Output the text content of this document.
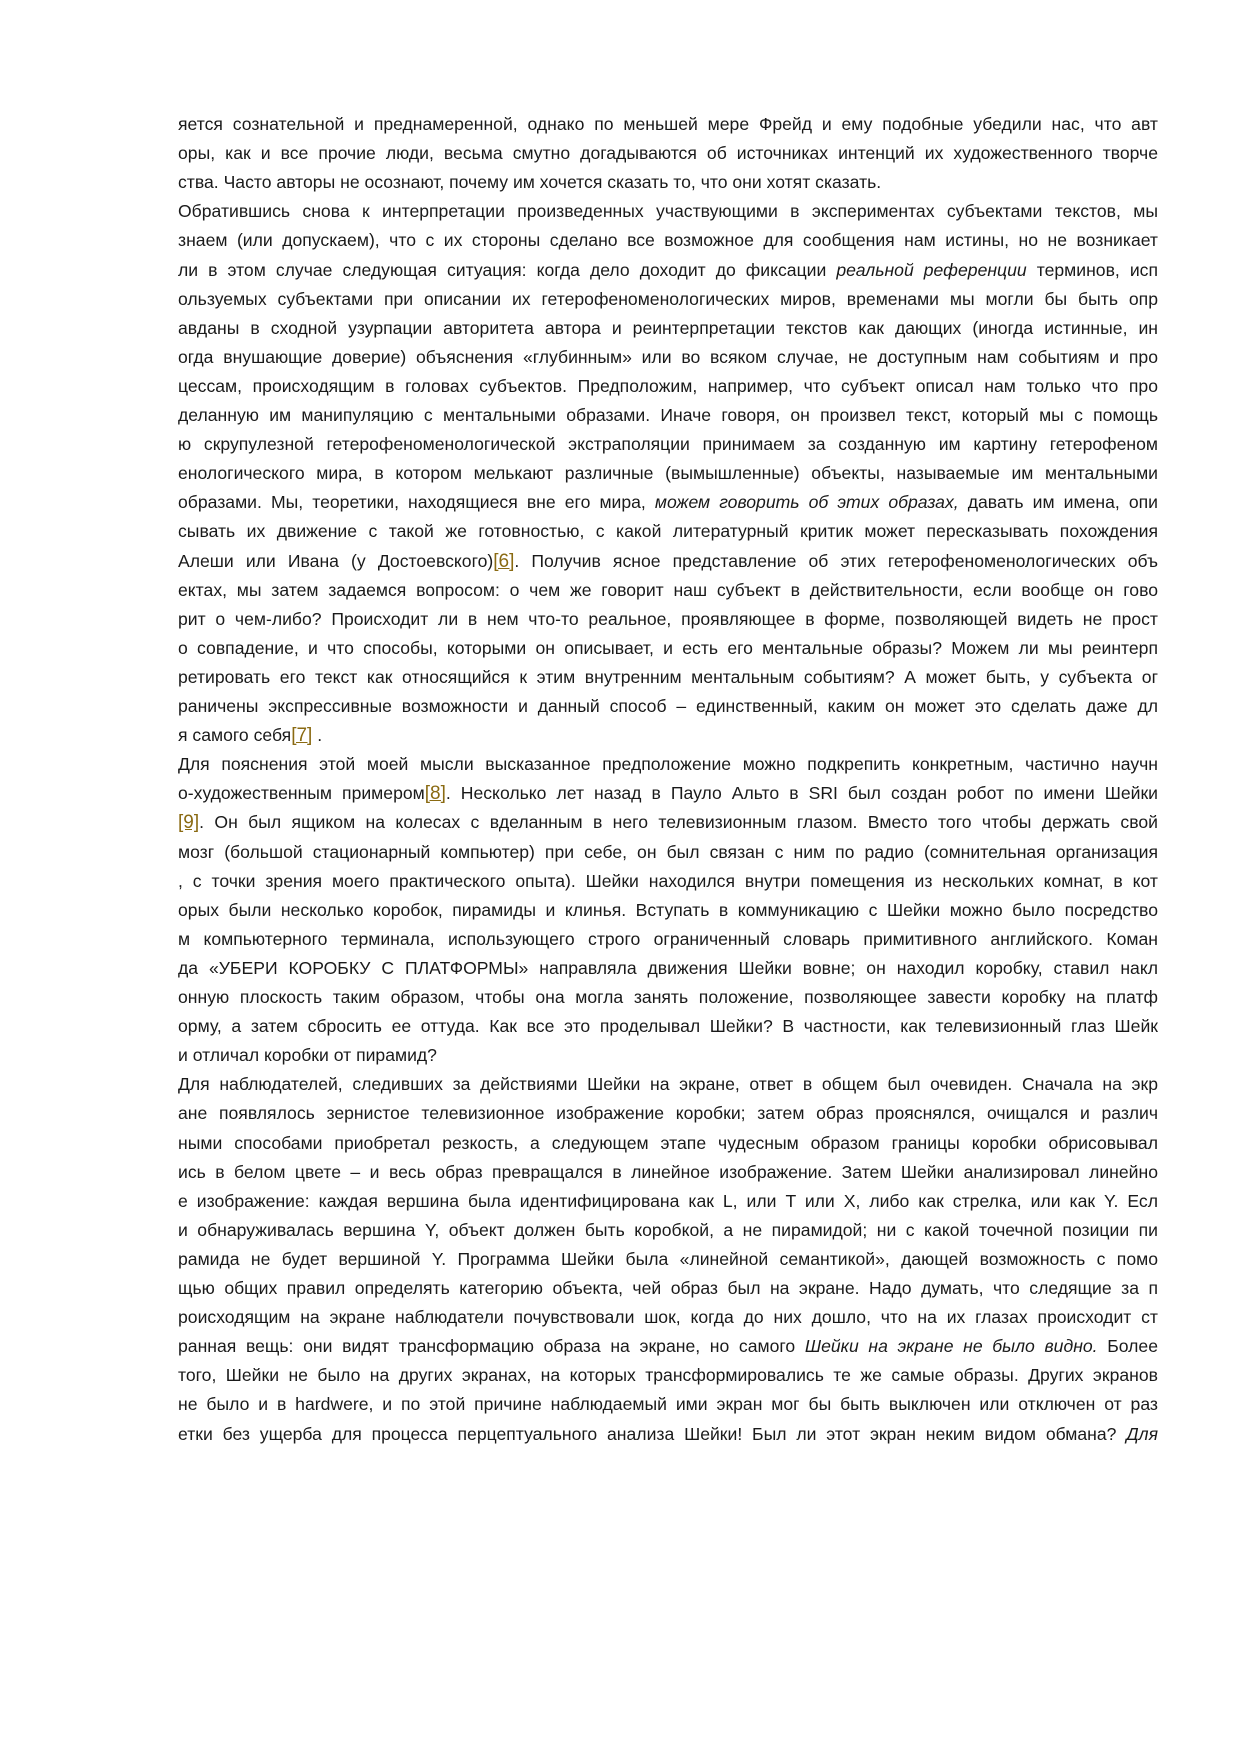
яется сознательной и преднамеренной, однако по меньшей мере Фрейд и ему подобные убедили нас, что авт
оры, как и все прочие люди, весьма смутно догадываются об источниках интенций их художественного творче
ства. Часто авторы не осознают, почему им хочется сказать то, что они хотят сказать.
Обратившись снова к интерпретации произведенных участвующими в экспериментах субъектами текстов, мы
знаем (или допускаем), что с их стороны сделано все возможное для сообщения нам истины, но не возникает
ли в этом случае следующая ситуация: когда дело доходит до фиксации реальной референции терминов, исп
ользуемых субъектами при описании их гетерофеноменологических миров, временами мы могли бы быть опр
авданы в сходной узурпации авторитета автора и реинтерпретации текстов как дающих (иногда истинные, ин
огда внушающие доверие) объяснения «глубинным» или во всяком случае, не доступным нам событиям и про
цессам, происходящим в головах субъектов. Предположим, например, что субъект описал нам только что про
деланную им манипуляцию с ментальными образами. Иначе говоря, он произвел текст, который мы с помощь
ю скрупулезной гетерофеноменологической экстраполяции принимаем за созданную им картину гетерофеном
енологического мира, в котором мелькают различные (вымышленные) объекты, называемые им ментальными
образами. Мы, теоретики, находящиеся вне его мира, можем говорить об этих образах, давать им имена, опи
сывать их движение с такой же готовностью, с какой литературный критик может пересказывать похождения
Алеши или Ивана (у Достоевского)[6]. Получив ясное представление об этих гетерофеноменологических объ
ектах, мы затем задаемся вопросом: о чем же говорит наш субъект в действительности, если вообще он гово
рит о чем-либо? Происходит ли в нем что-то реальное, проявляющее в форме, позволяющей видеть не прост
о совпадение, и что способы, которыми он описывает, и есть его ментальные образы? Можем ли мы реинтерп
ретировать его текст как относящийся к этим внутренним ментальным событиям? А может быть, у субъекта ог
раничены экспрессивные возможности и данный способ – единственный, каким он может это сделать даже дл
я самого себя[7] .
Для пояснения этой моей мысли высказанное предположение можно подкрепить конкретным, частично научн
о-художественным примером[8]. Несколько лет назад в Пауло Альто в SRI был создан робот по имени Шейки
[9]. Он был ящиком на колесах с вделанным в него телевизионным глазом. Вместо того чтобы держать свой
мозг (большой стационарный компьютер) при себе, он был связан с ним по радио (сомнительная организация
, с точки зрения моего практического опыта). Шейки находился внутри помещения из нескольких комнат, в кот
орых были несколько коробок, пирамиды и клинья. Вступать в коммуникацию с Шейки можно было посредство
м компьютерного терминала, использующего строго ограниченный словарь примитивного английского. Коман
да «УБЕРИ КОРОБКУ С ПЛАТФОРМЫ» направляла движения Шейки вовне; он находил коробку, ставил накл
онную плоскость таким образом, чтобы она могла занять положение, позволяющее завести коробку на платф
орму, а затем сбросить ее оттуда. Как все это проделывал Шейки? В частности, как телевизионный глаз Шейк
и отличал коробки от пирамид?
Для наблюдателей, следивших за действиями Шейки на экране, ответ в общем был очевиден. Сначала на экр
ане появлялось зернистое телевизионное изображение коробки; затем образ прояснялся, очищался и различ
ными способами приобретал резкость, а следующем этапе чудесным образом границы коробки обрисовывал
ись в белом цвете – и весь образ превращался в линейное изображение. Затем Шейки анализировал линейно
е изображение: каждая вершина была идентифицирована как L, или T или X, либо как стрелка, или как Y. Есл
и обнаруживалась вершина Y, объект должен быть коробкой, а не пирамидой; ни с какой точечной позиции пи
рамида не будет вершиной Y. Программа Шейки была «линейной семантикой», дающей возможность с помо
щью общих правил определять категорию объекта, чей образ был на экране. Надо думать, что следящие за п
роисходящим на экране наблюдатели почувствовали шок, когда до них дошло, что на их глазах происходит ст
ранная вещь: они видят трансформацию образа на экране, но самого Шейки на экране не было видно. Более
того, Шейки не было на других экранах, на которых трансформировались те же самые образы. Других экранов
не было и в hardwere, и по этой причине наблюдаемый ими экран мог бы быть выключен или отключен от раз
етки без ущерба для процесса перцептуального анализа Шейки! Был ли этот экран неким видом обмана? Для
